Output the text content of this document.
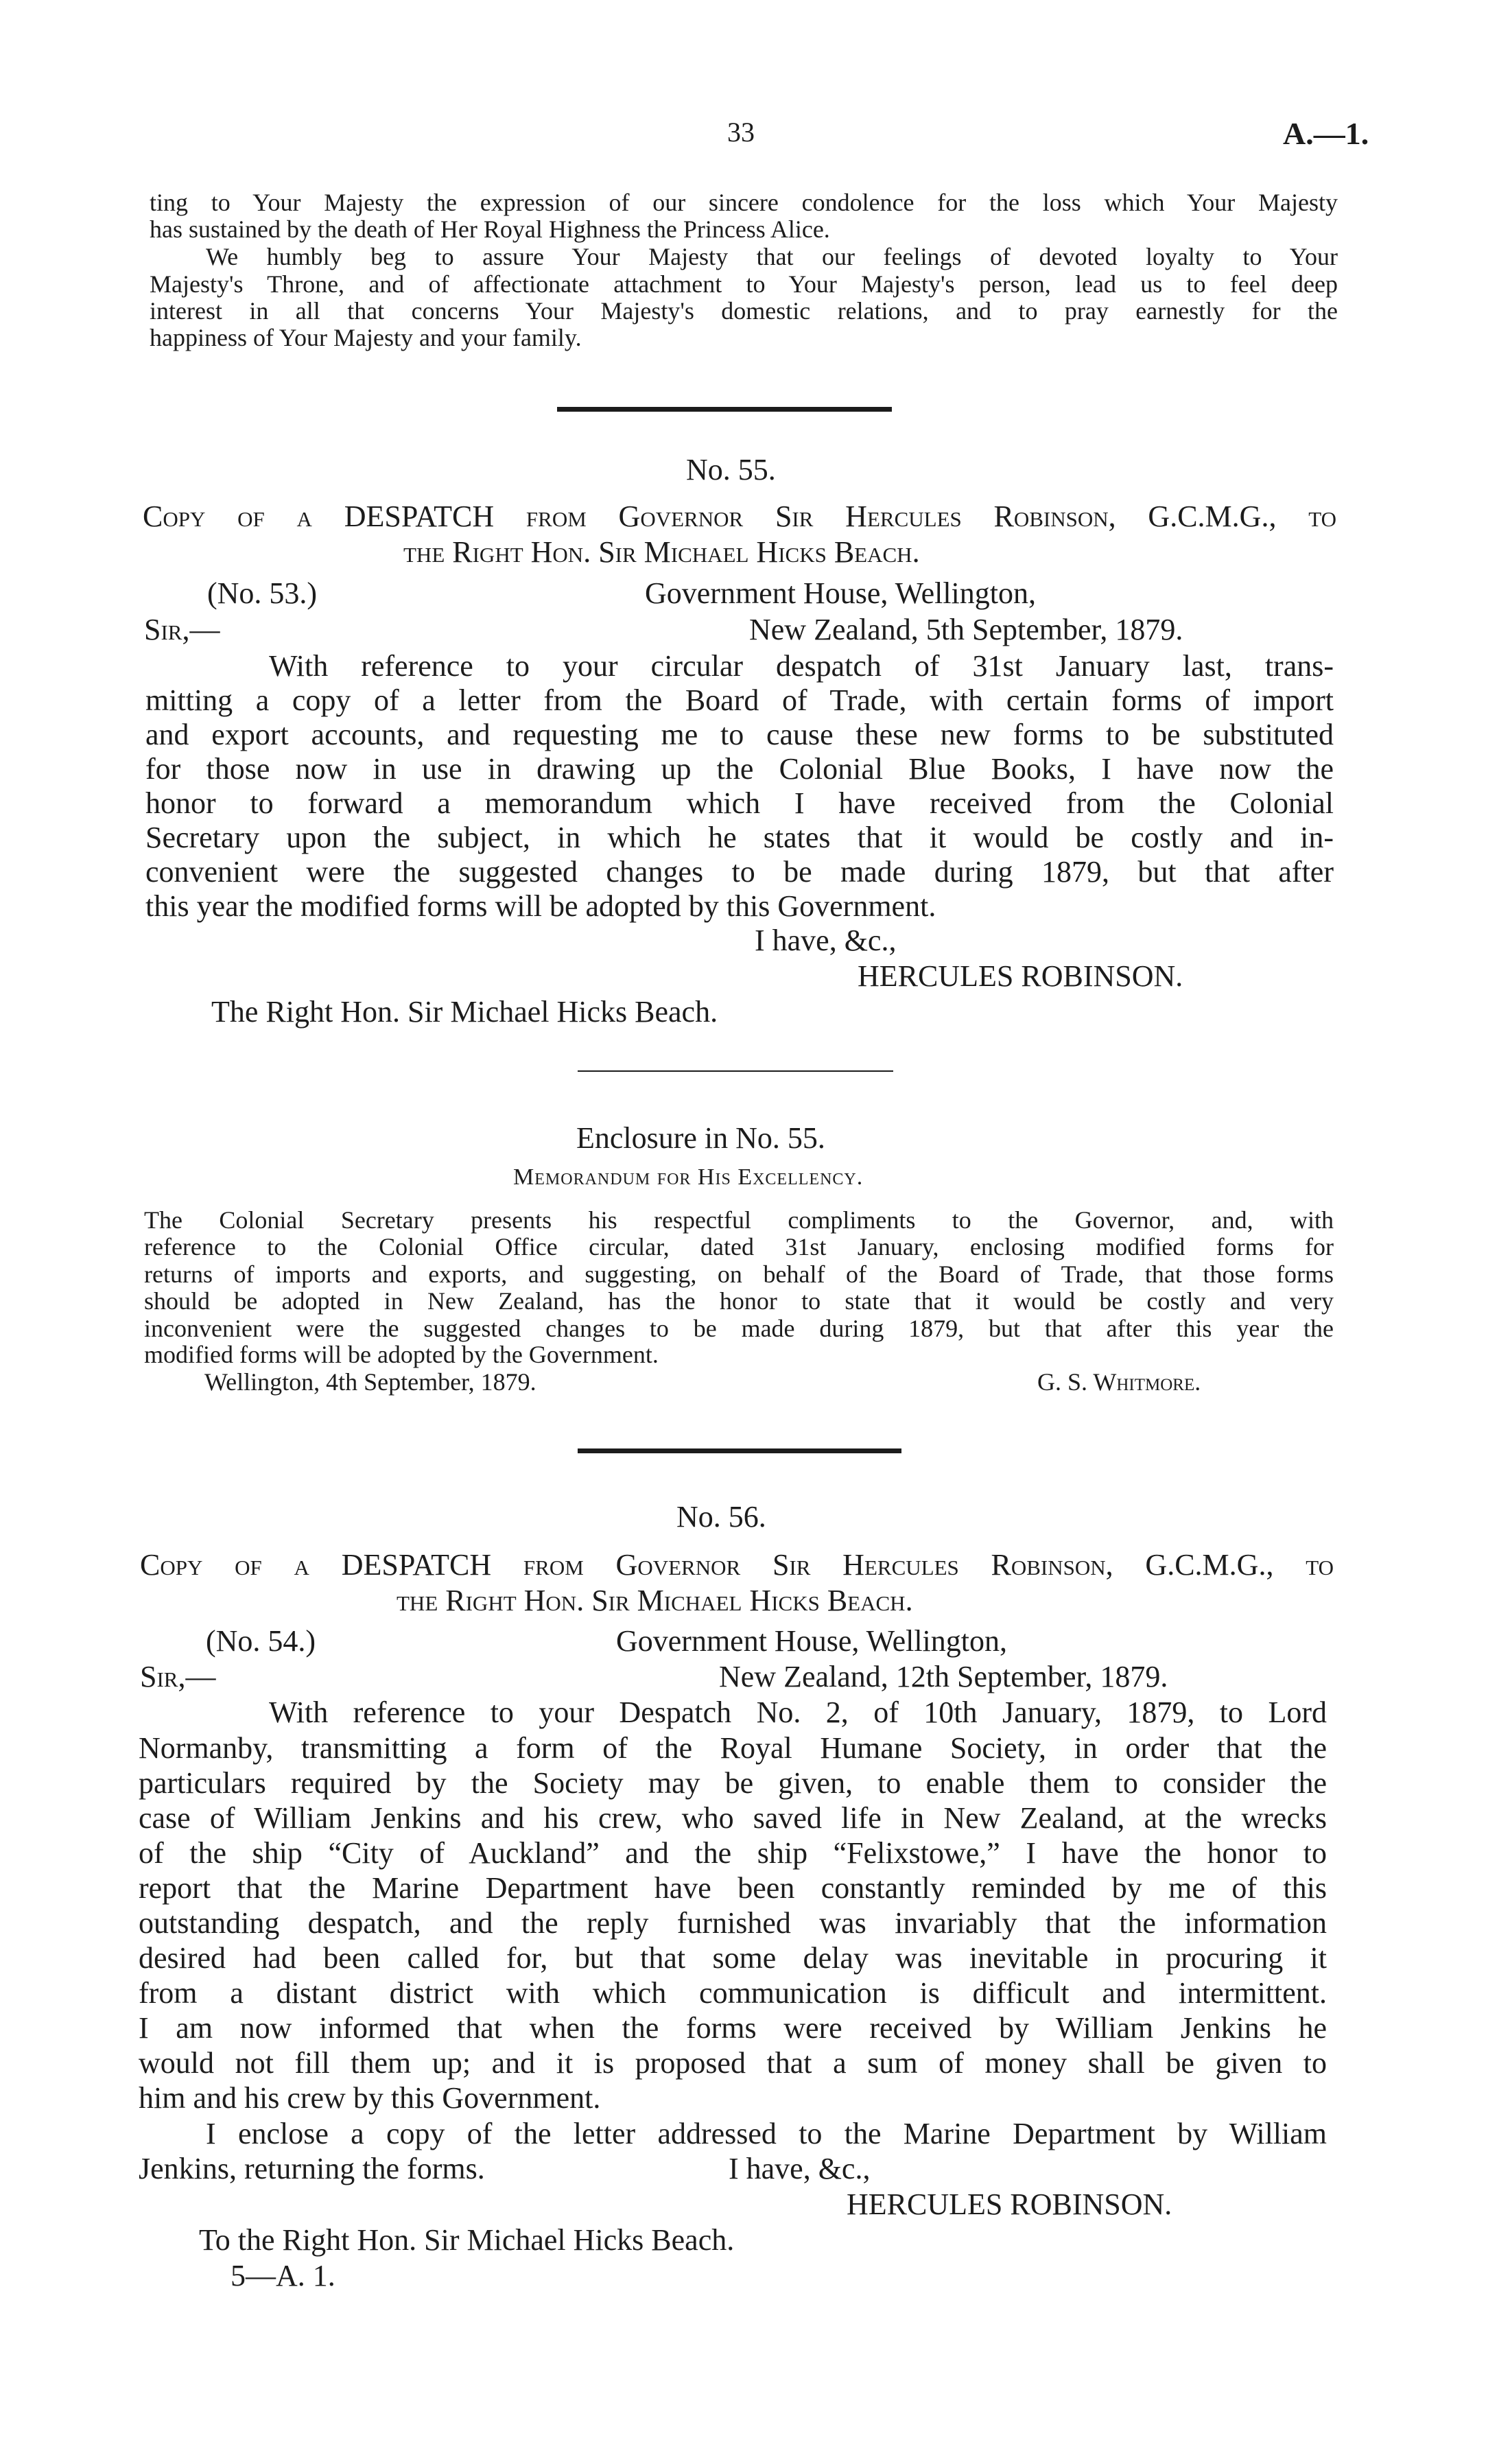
33	A.—1.
ting to Your Majesty the expression of our sincere condolence for the loss which Your Majesty
has sustained by the death of Her Royal Highness the Princess Alice.
We humbly beg to assure Your Majesty that our feelings of devoted loyalty to Your
Majesty's Throne, and of affectionate attachment to Your Majesty's person, lead us to feel deep
interest in all that concerns Your Majesty's domestic relations, and to pray earnestly for the
happiness of Your Majesty and your family.
No. 55.
Copy of a DESPATCH from Governor Sir Hercules Robinson, G.C.M.G., to
the Right Hon. Sir Michael Hicks Beach.
(No. 53.)	Government House, Wellington,
Sir,—	New Zealand, 5th September, 1879.
With reference to your circular despatch of 31st January last, trans-
mitting a copy of a letter from the Board of Trade, with certain forms of import
and export accounts, and requesting me to cause these new forms to be substituted
for those now in use in drawing up the Colonial Blue Books, I have now the
honor to forward a memorandum which I have received from the Colonial
Secretary upon the subject, in which he states that it would be costly and in-
convenient were the suggested changes to be made during 1879, but that after
this year the modified forms will be adopted by this Government.
I have, &c.,
HERCULES ROBINSON.
The Right Hon. Sir Michael Hicks Beach.
Enclosure in No. 55.
Memorandum for His Excellency.
The Colonial Secretary presents his respectful compliments to the Governor, and, with
reference to the Colonial Office circular, dated 31st January, enclosing modified forms for
returns of imports and exports, and suggesting, on behalf of the Board of Trade, that those forms
should be adopted in New Zealand, has the honor to state that it would be costly and very
inconvenient were the suggested changes to be made during 1879, but that after this year the
modified forms will be adopted by the Government.
Wellington, 4th September, 1879.	G. S. Whitmore.
No. 56.
Copy of a DESPATCH from Governor Sir Hercules Robinson, G.C.M.G., to
the Right Hon. Sir Michael Hicks Beach.
(No. 54.)	Government House, Wellington,
Sir,—	New Zealand, 12th September, 1879.
With reference to your Despatch No. 2, of 10th January, 1879, to Lord
Normanby, transmitting a form of the Royal Humane Society, in order that the
particulars required by the Society may be given, to enable them to consider the
case of William Jenkins and his crew, who saved life in New Zealand, at the wrecks
of the ship “City of Auckland” and the ship “Felixstowe,” I have the honor to
report that the Marine Department have been constantly reminded by me of this
outstanding despatch, and the reply furnished was invariably that the information
desired had been called for, but that some delay was inevitable in procuring it
from a distant district with which communication is difficult and intermittent.
I am now informed that when the forms were received by William Jenkins he
would not fill them up; and it is proposed that a sum of money shall be given to
him and his crew by this Government.
I enclose a copy of the letter addressed to the Marine Department by William
Jenkins, returning the forms.	I have, &c.,
HERCULES ROBINSON.
To the Right Hon. Sir Michael Hicks Beach.
5—A. 1.
